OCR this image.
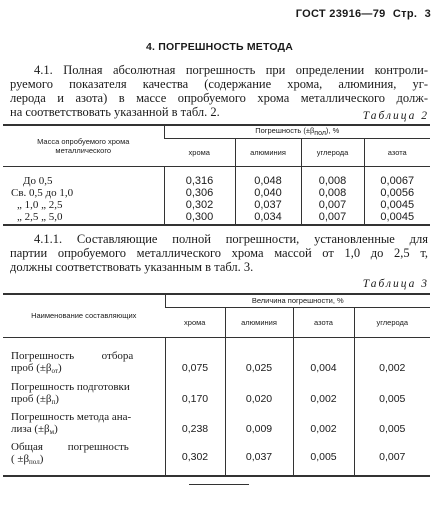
ГОСТ 23916—79 Стр. 3
4. ПОГРЕШНОСТЬ МЕТОДА
4.1. Полная абсолютная погрешность при определении контроли-
руемого показателя качества (содержание хрома, алюминия, уг-
лерода и азота) в массе опробуемого хрома металлического долж-
на соответствовать указанной в табл. 2.	Таблица 2
Масса опробуемого хрома металлического	Погрешность (±βпол), %			
	хрома	алюминия	углерода	азота
До 0,5	0,316	0,048	0,008	0,0067
Св. 0,5 до 1,0	0,306	0,040	0,008	0,0056
„ 1,0 „ 2,5	0,302	0,037	0,007	0,0045
„ 2,5 „ 5,0	0,300	0,034	0,007	0,0045
4.1.1. Составляющие полной погрешности, установленные для
партии опробуемого металлического хрома массой от 1,0 до 2,5 т,
должны соответствовать указанным в табл. 3.
Таблица 3
Наименование составляющих	Величина погрешности, %			
	хрома	алюминия	азота	углерода
Погрешность          отбора
проб $(\pm\beta_{от})$	0,075	0,025	0,004	0,002
Погрешность подготовки
проб $(\pm\beta_п)$	0,170	0,020	0,002	0,005
Погрешность метода ана-
лиза $(\pm\beta_м)$	0,238	0,009	0,002	0,005
Общая         погрешность
( $\pm\beta_{пол}$)	0,302	0,037	0,005	0,007
